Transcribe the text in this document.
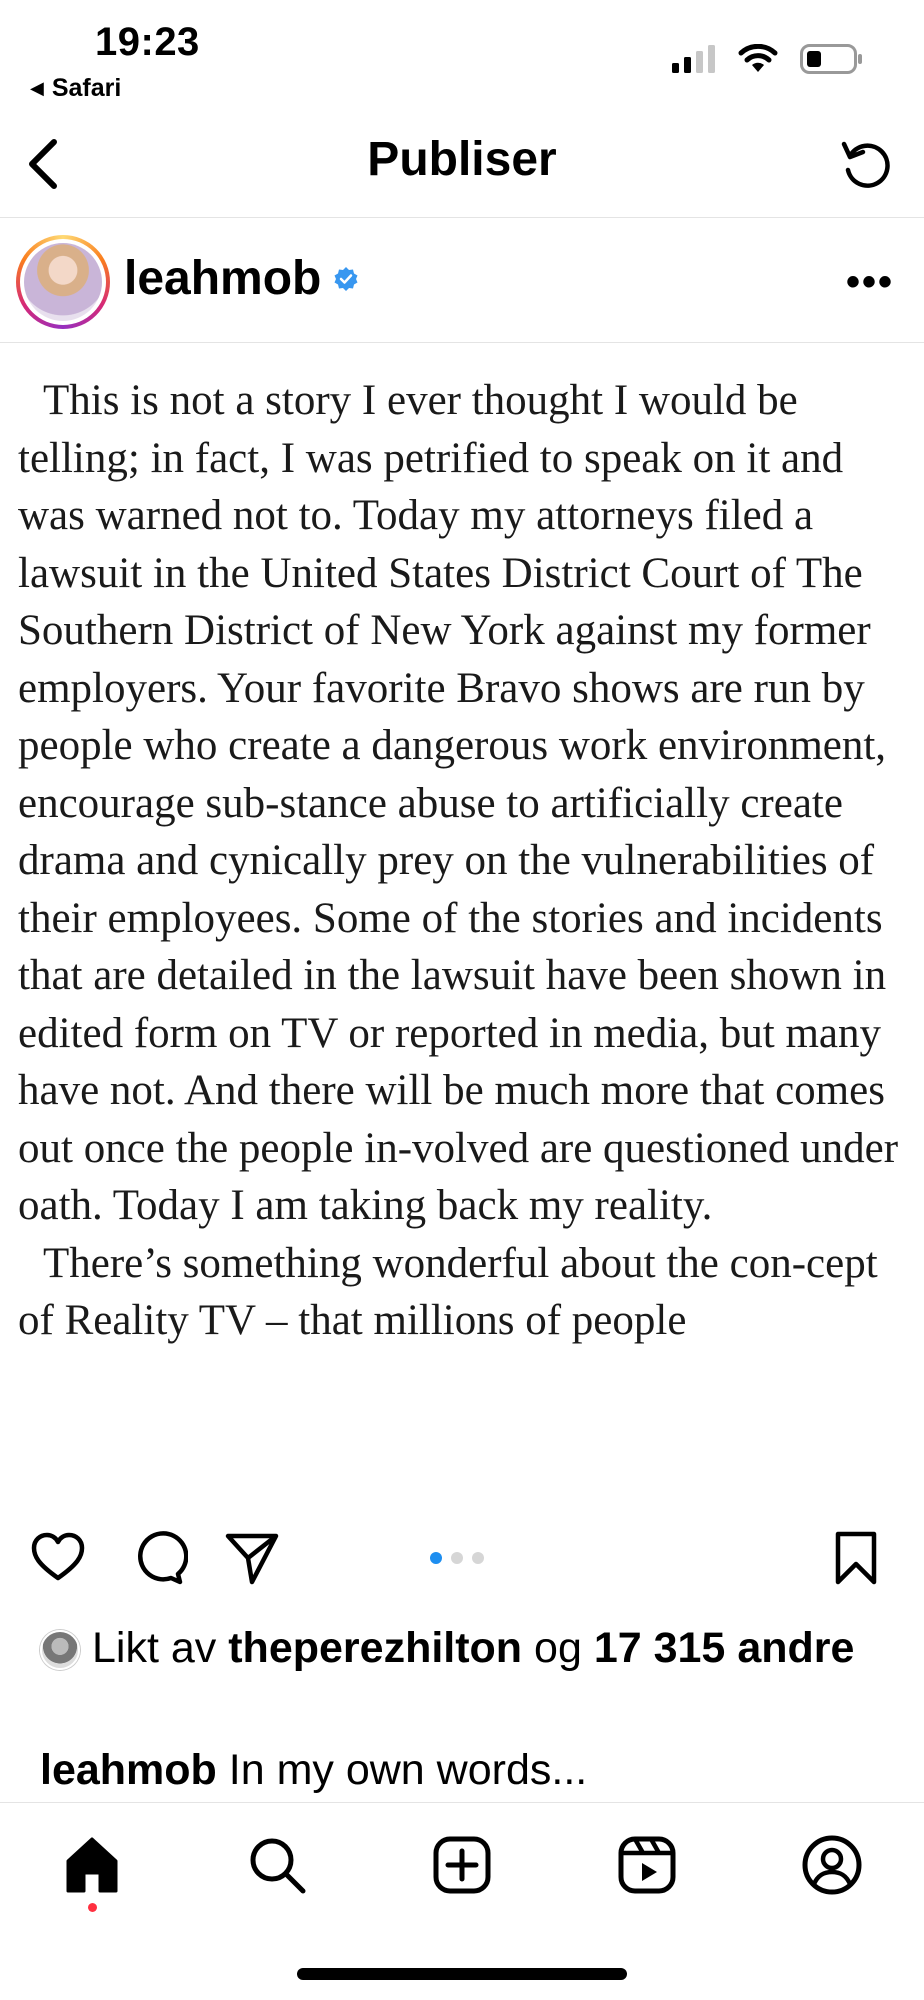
19:23
◀ Safari
Publiser
leahmob	•••

This is not a story I ever thought I would be telling; in fact, I was petrified to speak on it and was warned not to. Today my attorneys filed a lawsuit in the United States District Court of The Southern District of New York against my former employers. Your favorite Bravo shows are run by people who create a dangerous work environment, encourage sub-stance abuse to artificially create drama and cynically prey on the vulnerabilities of their employees. Some of the stories and incidents that are detailed in the lawsuit have been shown in edited form on TV or reported in media, but many have not. And there will be much more that comes out once the people in-volved are questioned under oath. Today I am taking back my reality.

There’s something wonderful about the con-cept of Reality TV – that millions of people

Likt av theperezhilton og 17 315 andre
leahmob In my own words...
